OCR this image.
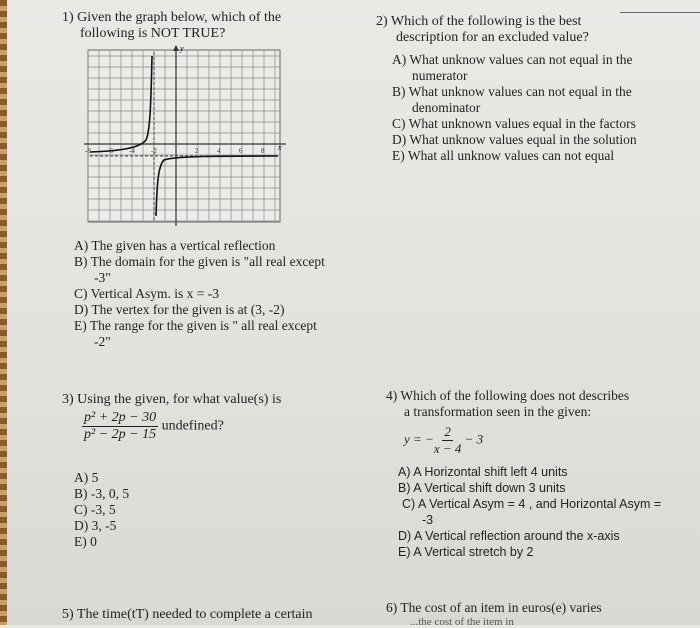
1) Given the graph below, which of the
following is NOT TRUE?
y
x
-8 -6 -4 -2	2	4	6	8
A) The given has a vertical reflection
B) The domain for the given is "all real except -3"
C) Vertical Asym. is x = -3
D) The vertex for the given is at (3, -2)
E) The range for the given is " all real except -2"
2) Which of the following is the best
description for an excluded value?
A) What unknow values can not equal in the numerator
B) What unknow values can not equal in the denominator
C) What unknown values equal in the factors
D) What unknow values equal in the solution
E) What all unknow values can not equal
3) Using the given, for what value(s) is
$\frac{\text{p² + 2p − 30}}{\text{p² − 2p − 15}}$ undefined?
A) 5
B) -3, 0, 5
C) -3, 5
D) 3, -5
E) 0
4) Which of the following does not describes
a transformation seen in the given:
y = − $\frac{2}{x - 4} - 3$
A) A Horizontal shift left 4 units
B) A Vertical shift down 3 units
C) A Vertical Asym = 4 , and Horizontal Asym = -3
D) A Vertical reflection around the x-axis
E) A Vertical stretch by 2
5) The time(tT) needed to complete a certain	6) The cost of an item in euros(e) varies
...the cost of the item in
